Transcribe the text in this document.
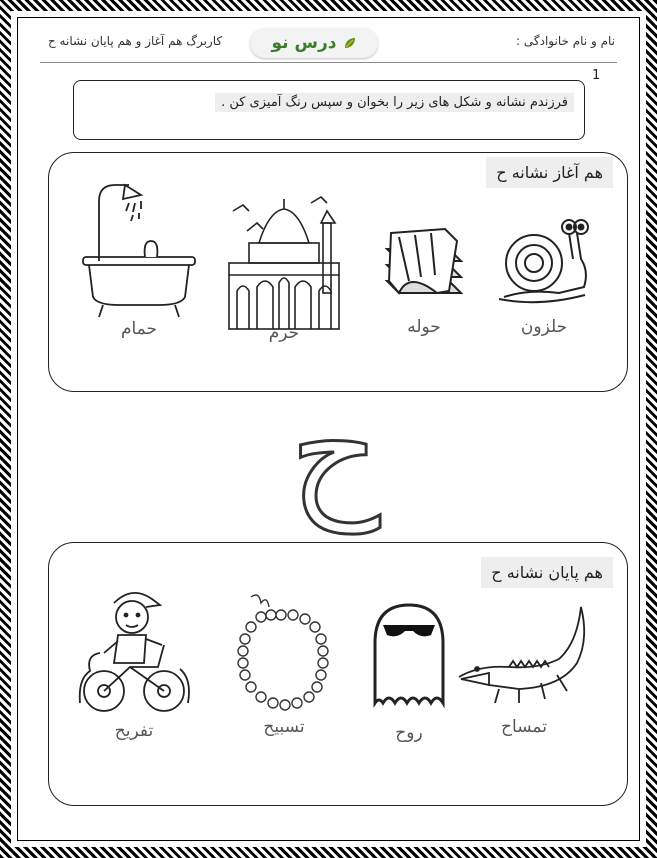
نام و نام خانوادگی :
درس
نو
کاربرگ هم آغاز و هم پایان نشانه ح
1
فرزندم نشانه و شکل های زیر را بخوان و سپس رنگ آمیزی کن .
هم آغاز نشانه ح
حلزون
حوله
حرم
حمام
ح
هم پایان نشانه ح
تمساح
روح
تسبیح
تفریح
